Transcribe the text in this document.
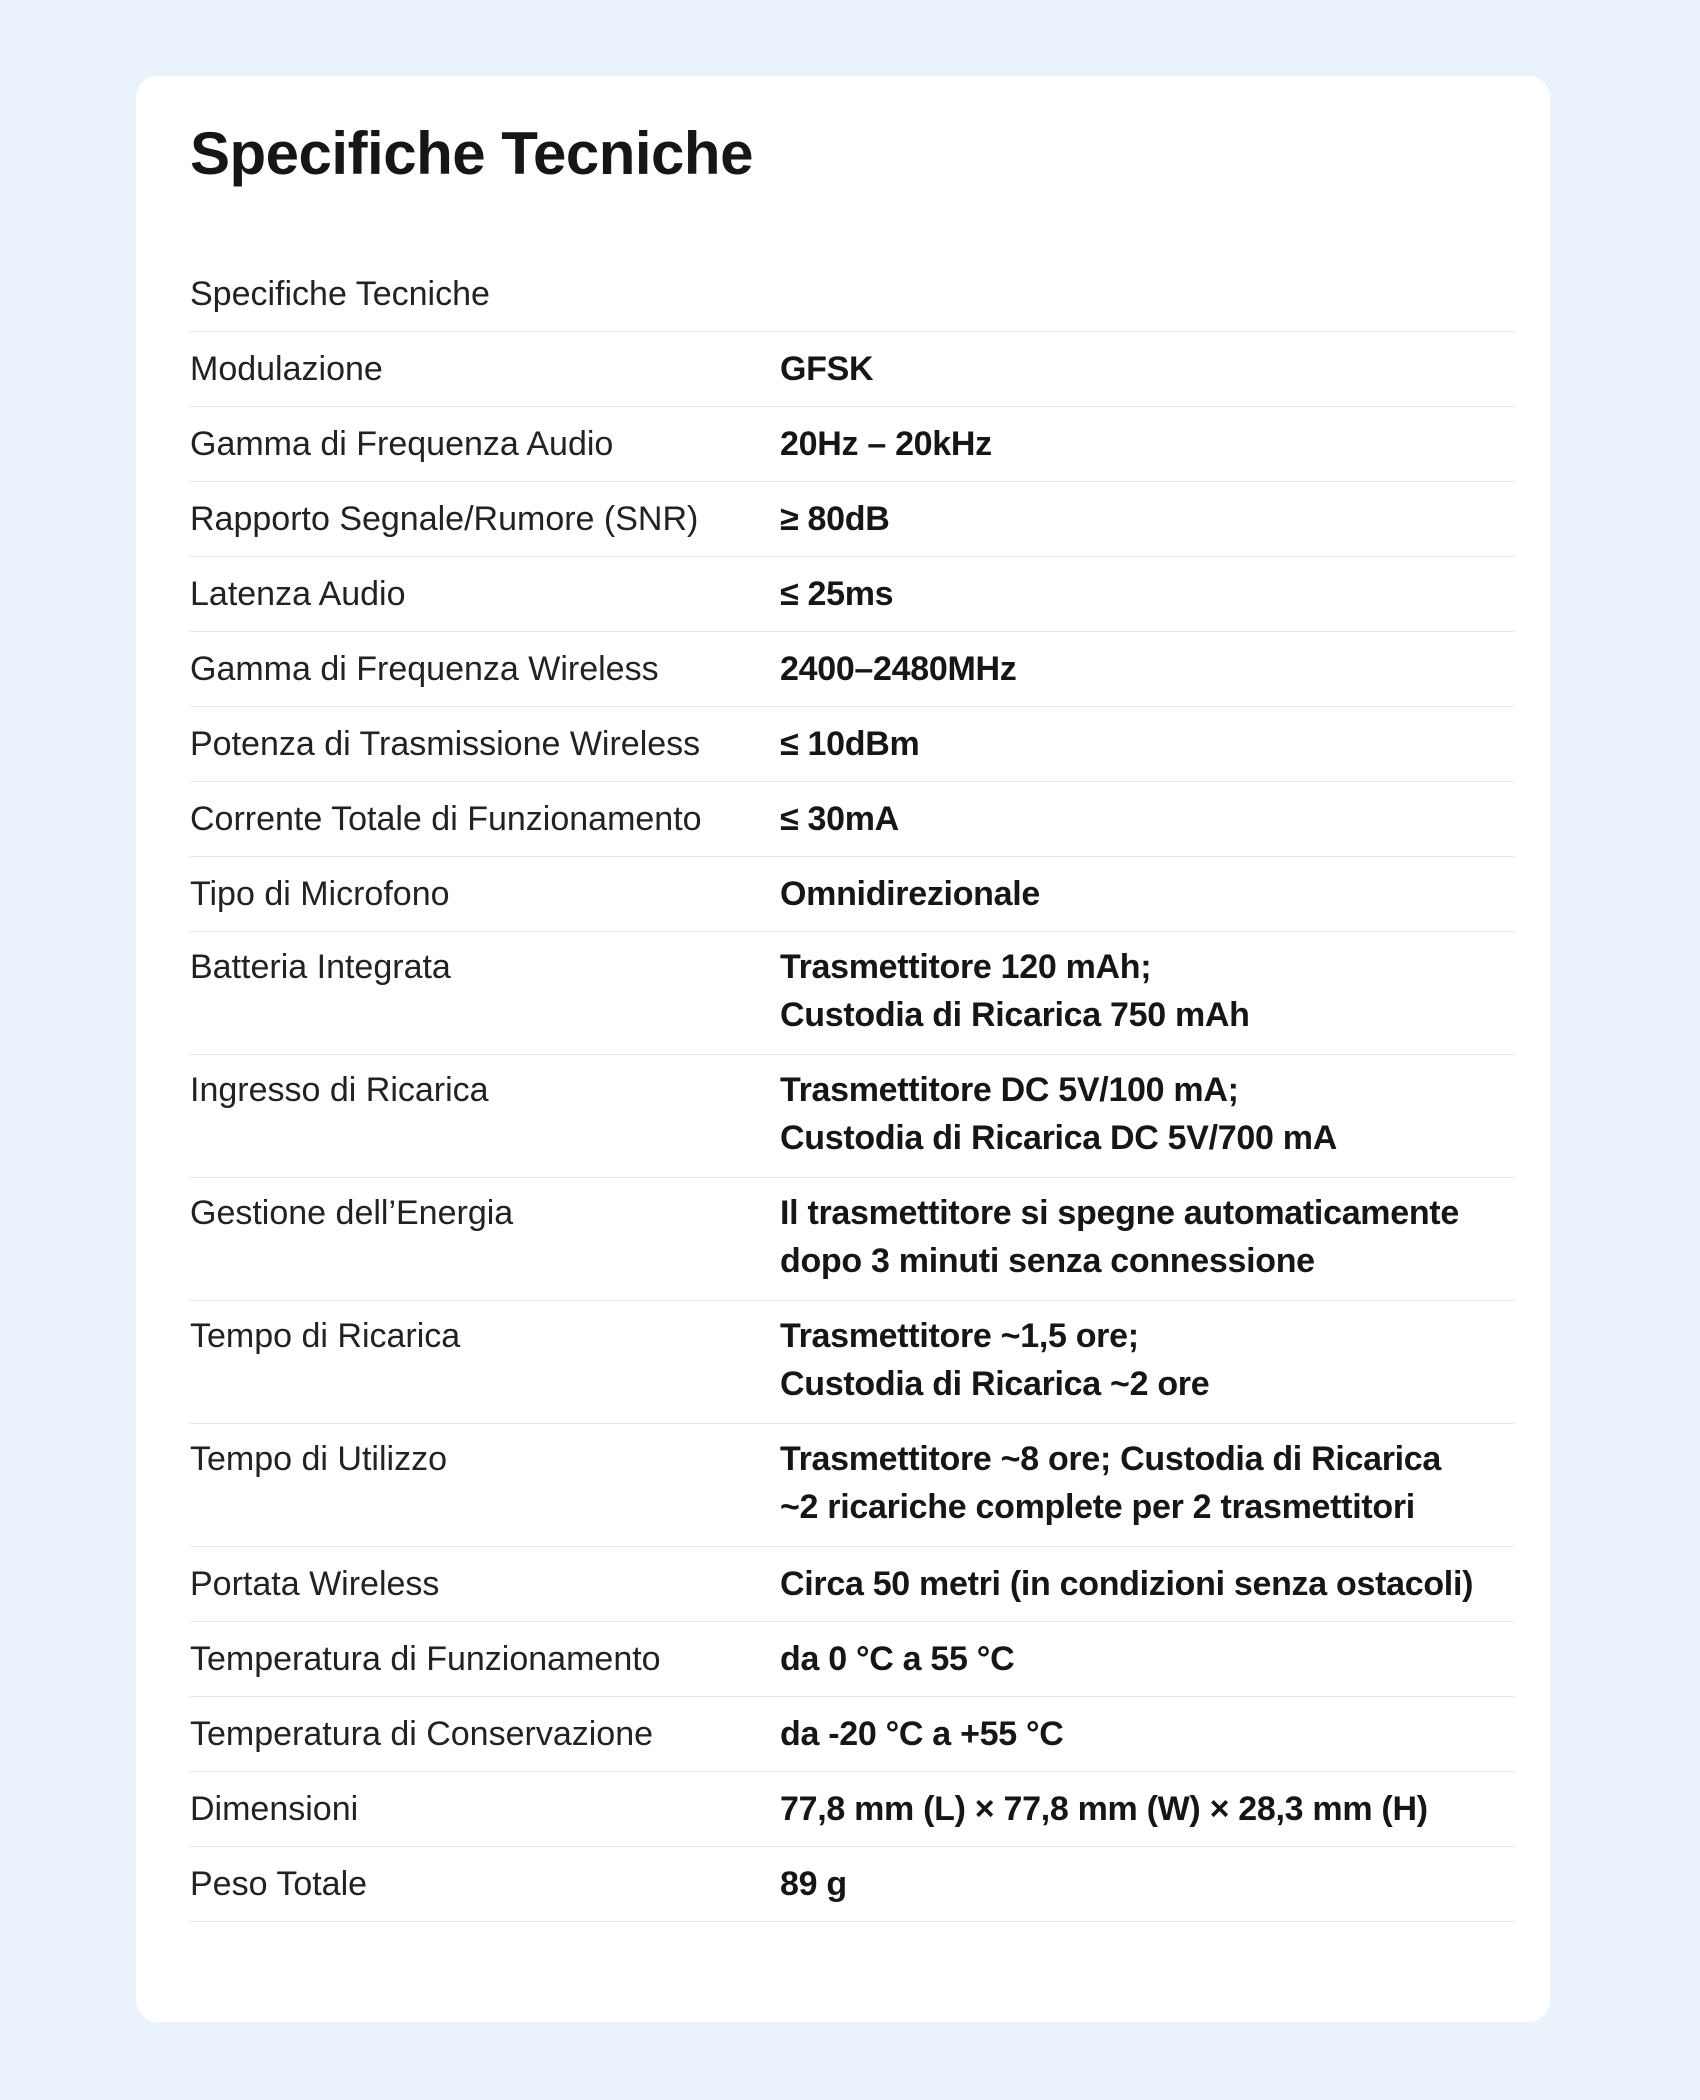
Specifiche Tecniche
Specifiche Tecniche
Modulazione	GFSK
Gamma di Frequenza Audio	20Hz – 20kHz
Rapporto Segnale/Rumore (SNR)	≥ 80dB
Latenza Audio	≤ 25ms
Gamma di Frequenza Wireless	2400–2480MHz
Potenza di Trasmissione Wireless	≤ 10dBm
Corrente Totale di Funzionamento	≤ 30mA
Tipo di Microfono	Omnidirezionale
Batteria Integrata	Trasmettitore 120 mAh;
Custodia di Ricarica 750 mAh
Ingresso di Ricarica	Trasmettitore DC 5V/100 mA;
Custodia di Ricarica DC 5V/700 mA
Gestione dell’Energia	Il trasmettitore si spegne automaticamente
dopo 3 minuti senza connessione
Tempo di Ricarica	Trasmettitore ~1,5 ore;
Custodia di Ricarica ~2 ore
Tempo di Utilizzo	Trasmettitore ~8 ore; Custodia di Ricarica
~2 ricariche complete per 2 trasmettitori
Portata Wireless	Circa 50 metri (in condizioni senza ostacoli)
Temperatura di Funzionamento	da 0 °C a 55 °C
Temperatura di Conservazione	da -20 °C a +55 °C
Dimensioni	77,8 mm (L) × 77,8 mm (W) × 28,3 mm (H)
Peso Totale	89 g
